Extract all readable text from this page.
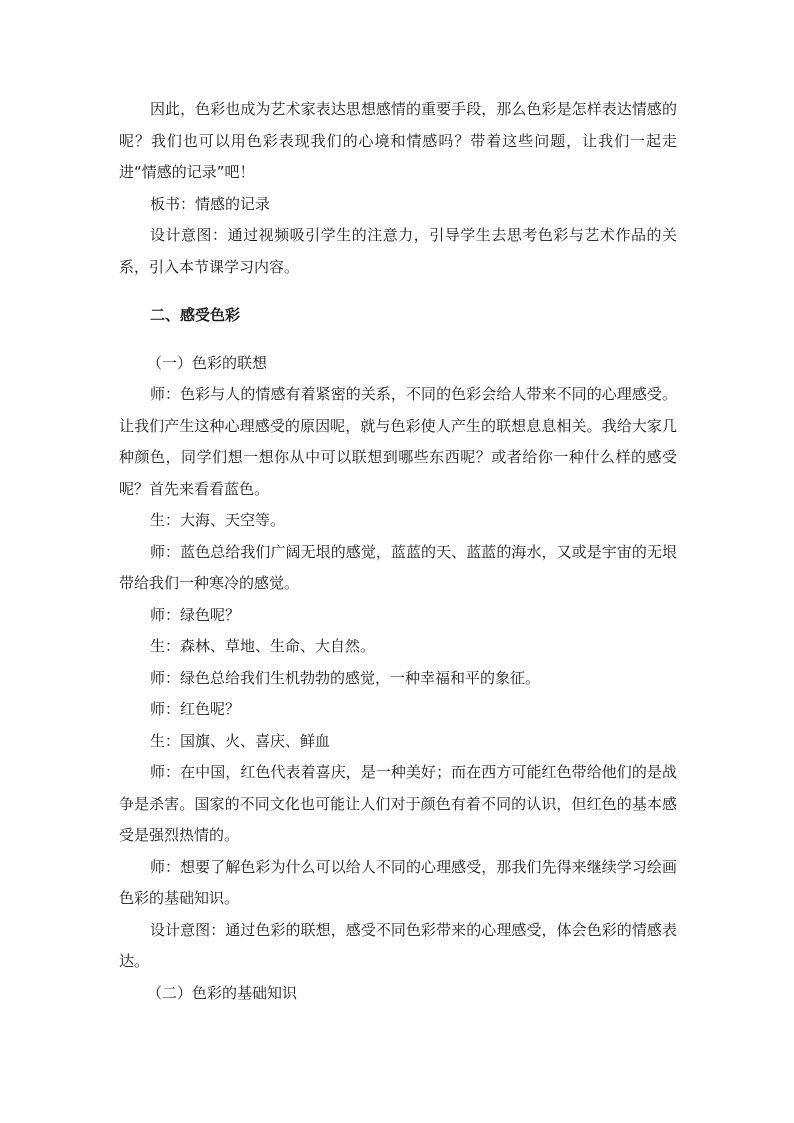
因此，色彩也成为艺术家表达思想感情的重要手段，那么色彩是怎样表达情感的呢？我们也可以用色彩表现我们的心境和情感吗？带着这些问题，让我们一起走进“情感的记录”吧！

板书：情感的记录

设计意图：通过视频吸引学生的注意力，引导学生去思考色彩与艺术作品的关系，引入本节课学习内容。

二、感受色彩

（一）色彩的联想

师：色彩与人的情感有着紧密的关系，不同的色彩会给人带来不同的心理感受。让我们产生这种心理感受的原因呢，就与色彩使人产生的联想息息相关。我给大家几种颜色，同学们想一想你从中可以联想到哪些东西呢？或者给你一种什么样的感受呢？首先来看看蓝色。

生：大海、天空等。

师：蓝色总给我们广阔无垠的感觉，蓝蓝的天、蓝蓝的海水，又或是宇宙的无垠带给我们一种寒冷的感觉。

师：绿色呢？

生：森林、草地、生命、大自然。

师：绿色总给我们生机勃勃的感觉，一种幸福和平的象征。

师：红色呢？

生：国旗、火、喜庆、鲜血

师：在中国，红色代表着喜庆，是一种美好；而在西方可能红色带给他们的是战争是杀害。国家的不同文化也可能让人们对于颜色有着不同的认识，但红色的基本感受是强烈热情的。

师：想要了解色彩为什么可以给人不同的心理感受，那我们先得来继续学习绘画色彩的基础知识。

设计意图：通过色彩的联想，感受不同色彩带来的心理感受，体会色彩的情感表达。

（二）色彩的基础知识
